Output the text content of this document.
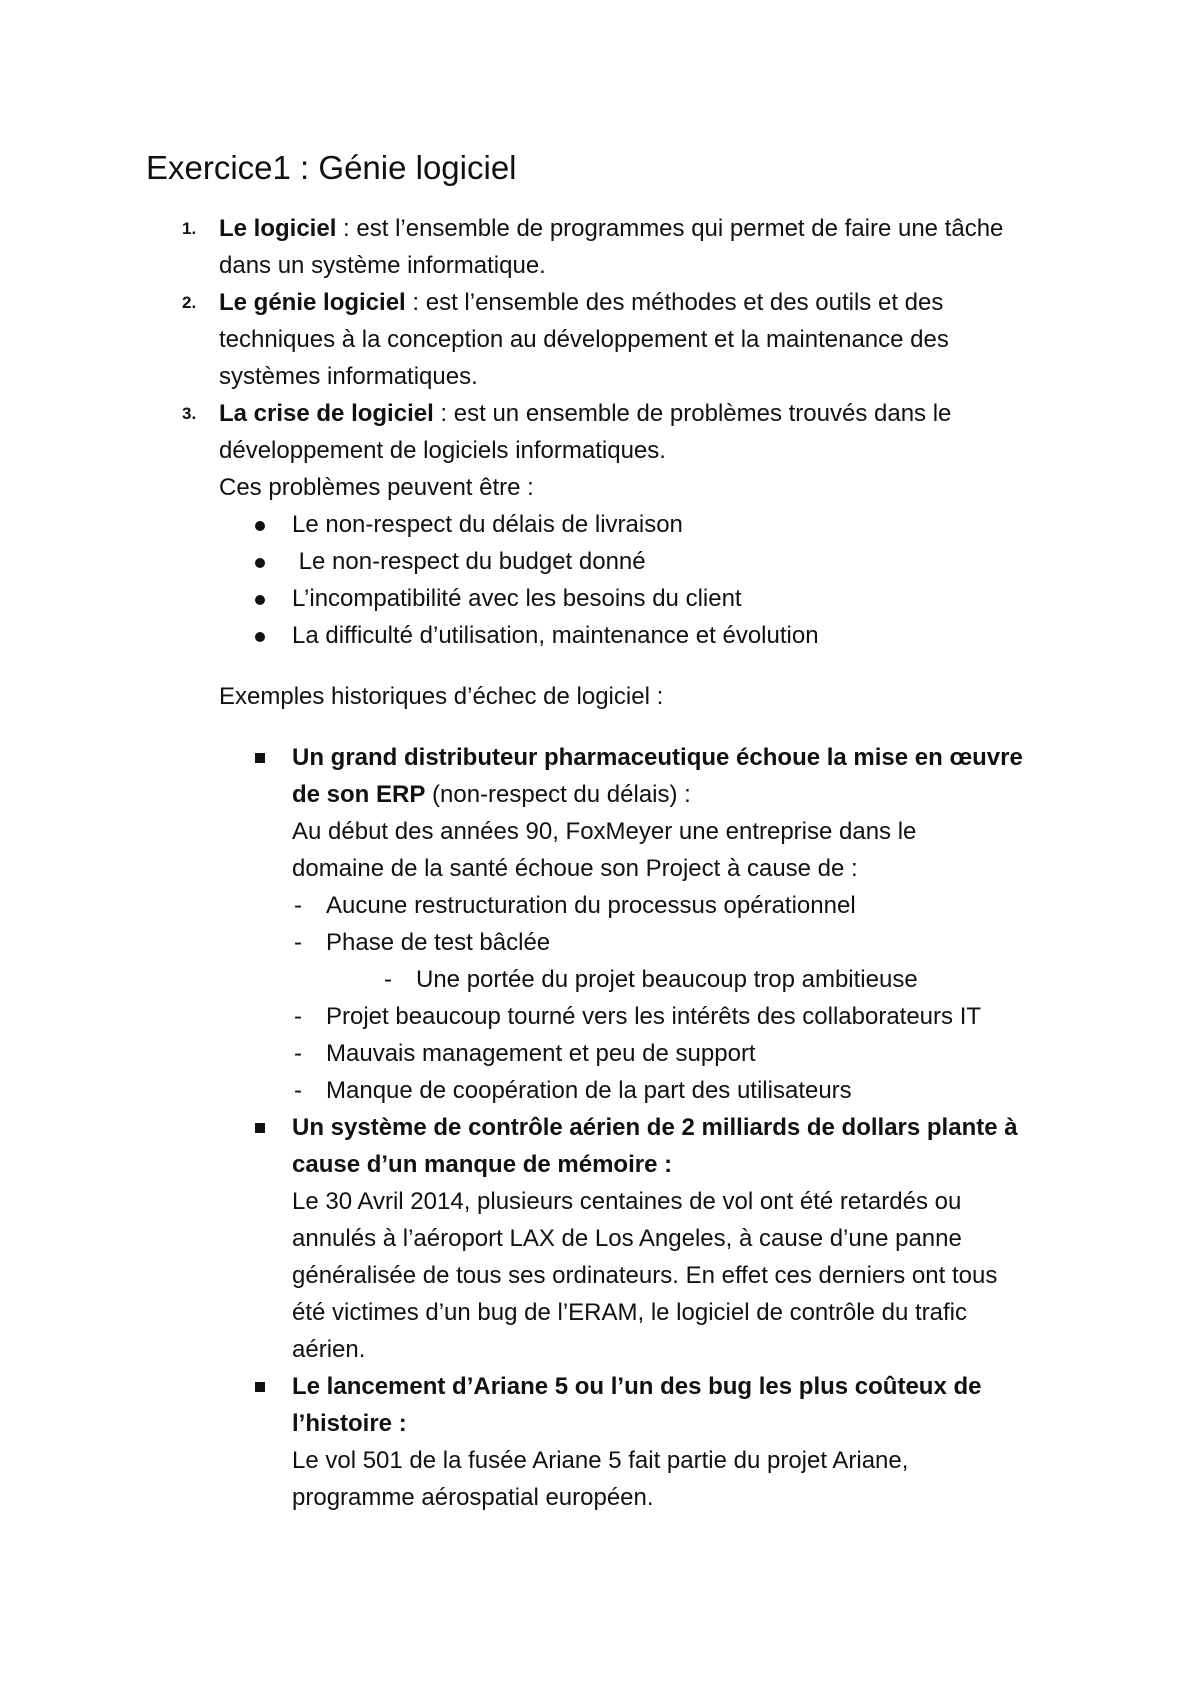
Exercice1 : Génie logiciel
1. Le logiciel : est l’ensemble de programmes qui permet de faire une tâche
dans un système informatique.
2. Le génie logiciel : est l’ensemble des méthodes et des outils et des
techniques à la conception au développement et la maintenance des
systèmes informatiques.
3. La crise de logiciel : est un ensemble de problèmes trouvés dans le
développement de logiciels informatiques.
Ces problèmes peuvent être :
Le non-respect du délais de livraison
Le non-respect du budget donné
L’incompatibilité avec les besoins du client
La difficulté d’utilisation, maintenance et évolution
Exemples historiques d’échec de logiciel :
Un grand distributeur pharmaceutique échoue la mise en œuvre
de son ERP (non-respect du délais) :
Au début des années 90, FoxMeyer une entreprise dans le
domaine de la santé échoue son Project à cause de :
- Aucune restructuration du processus opérationnel
- Phase de test bâclée
- Une portée du projet beaucoup trop ambitieuse
- Projet beaucoup tourné vers les intérêts des collaborateurs IT
- Mauvais management et peu de support
- Manque de coopération de la part des utilisateurs
Un système de contrôle aérien de 2 milliards de dollars plante à
cause d’un manque de mémoire :
Le 30 Avril 2014, plusieurs centaines de vol ont été retardés ou
annulés à l’aéroport LAX de Los Angeles, à cause d’une panne
généralisée de tous ses ordinateurs. En effet ces derniers ont tous
été victimes d’un bug de l’ERAM, le logiciel de contrôle du trafic
aérien.
Le lancement d’Ariane 5 ou l’un des bug les plus coûteux de
l’histoire :
Le vol 501 de la fusée Ariane 5 fait partie du projet Ariane,
programme aérospatial européen.
